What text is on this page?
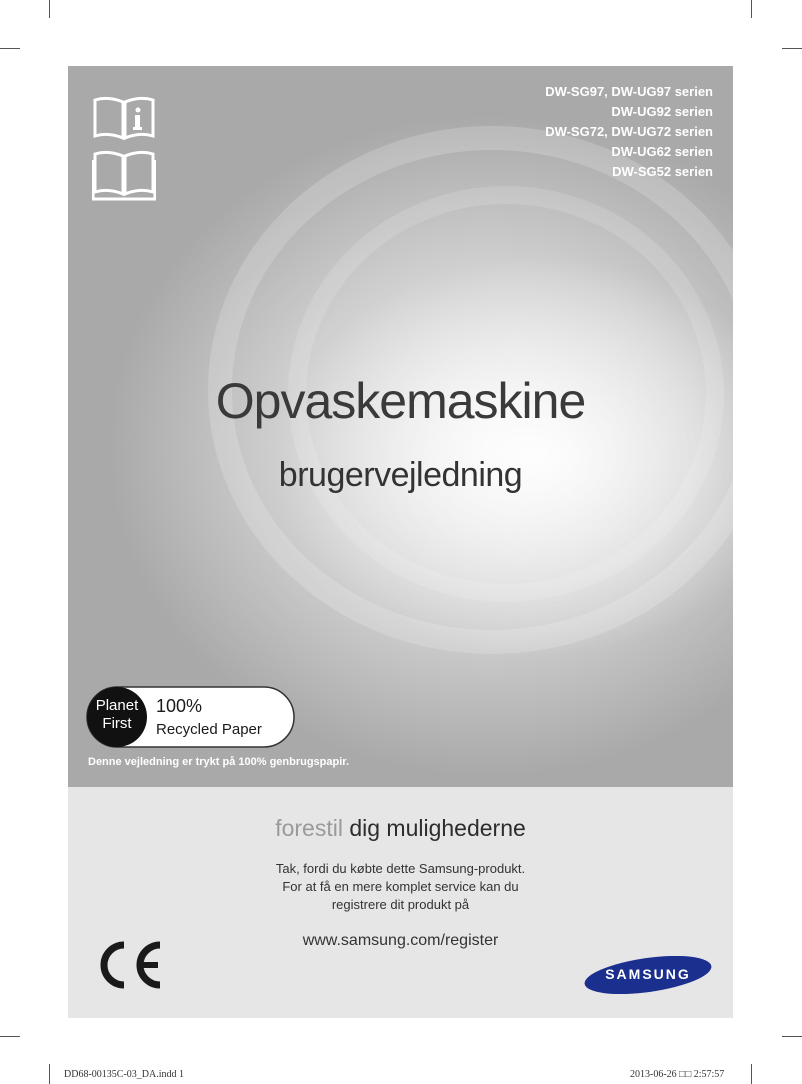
DW-SG97, DW-UG97 serien
DW-UG92 serien
DW-SG72, DW-UG72 serien
DW-UG62 serien
DW-SG52 serien
Opvaskemaskine
brugervejledning
Planet
First
100%
Recycled Paper
Denne vejledning er trykt på 100% genbrugspapir.
forestil dig mulighederne
Tak, fordi du købte dette Samsung-produkt.
For at få en mere komplet service kan du
registrere dit produkt på
www.samsung.com/register
SAMSUNG
DD68-00135C-03_DA.indd 1	2013-06-26 □□ 2:57:57
